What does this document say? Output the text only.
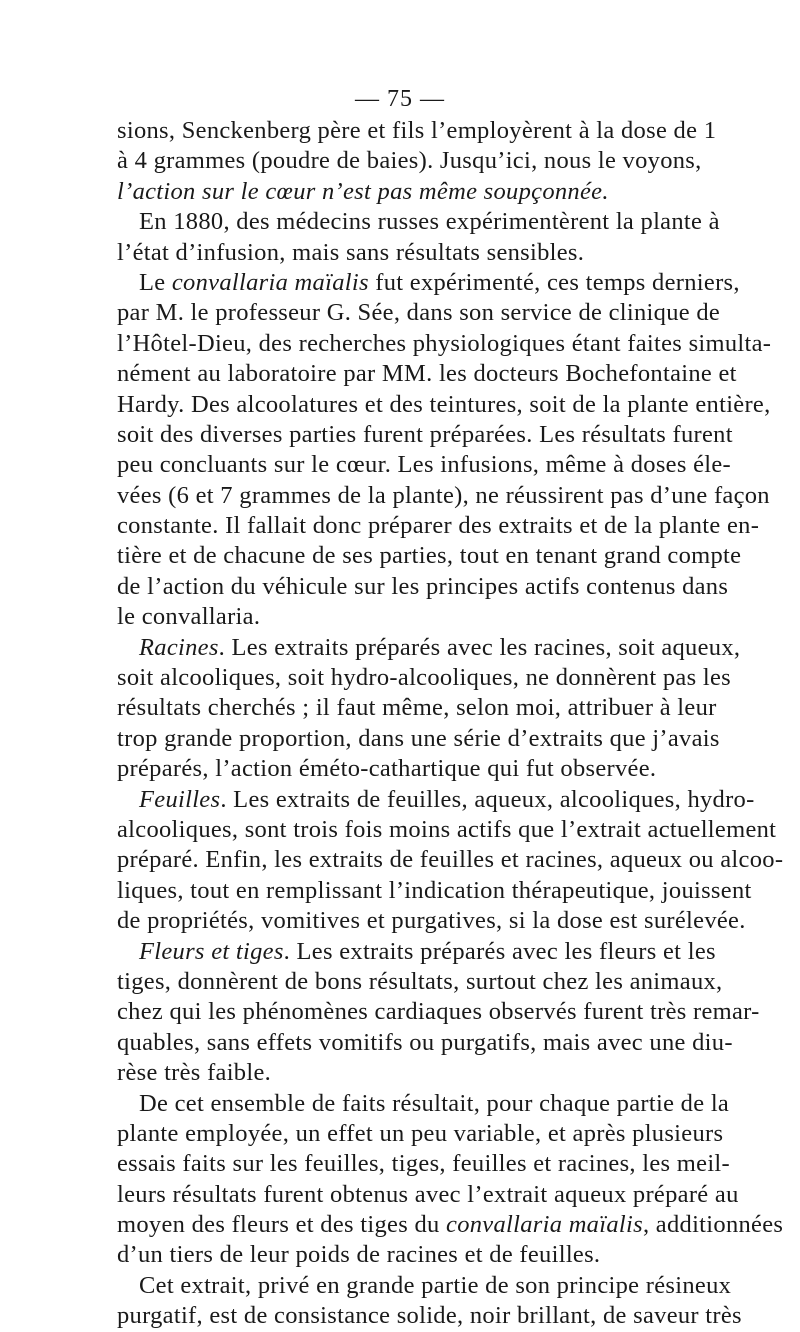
— 75 —
sions, Senckenberg père et fils l’employèrent à la dose de 1
à 4 grammes (poudre de baies). Jusqu’ici, nous le voyons,
l’action sur le cœur n’est pas même soupçonnée.
En 1880, des médecins russes expérimentèrent la plante à
l’état d’infusion, mais sans résultats sensibles.
Le convallaria maïalis fut expérimenté, ces temps derniers,
par M. le professeur G. Sée, dans son service de clinique de
l’Hôtel-Dieu, des recherches physiologiques étant faites simulta-
nément au laboratoire par MM. les docteurs Bochefontaine et
Hardy. Des alcoolatures et des teintures, soit de la plante entière,
soit des diverses parties furent préparées. Les résultats furent
peu concluants sur le cœur. Les infusions, même à doses éle-
vées (6 et 7 grammes de la plante), ne réussirent pas d’une façon
constante. Il fallait donc préparer des extraits et de la plante en-
tière et de chacune de ses parties, tout en tenant grand compte
de l’action du véhicule sur les principes actifs contenus dans
le convallaria.
Racines. Les extraits préparés avec les racines, soit aqueux,
soit alcooliques, soit hydro-alcooliques, ne donnèrent pas les
résultats cherchés ; il faut même, selon moi, attribuer à leur
trop grande proportion, dans une série d’extraits que j’avais
préparés, l’action éméto-cathartique qui fut observée.
Feuilles. Les extraits de feuilles, aqueux, alcooliques, hydro-
alcooliques, sont trois fois moins actifs que l’extrait actuellement
préparé. Enfin, les extraits de feuilles et racines, aqueux ou alcoo-
liques, tout en remplissant l’indication thérapeutique, jouissent
de propriétés, vomitives et purgatives, si la dose est surélevée.
Fleurs et tiges. Les extraits préparés avec les fleurs et les
tiges, donnèrent de bons résultats, surtout chez les animaux,
chez qui les phénomènes cardiaques observés furent très remar-
quables, sans effets vomitifs ou purgatifs, mais avec une diu-
rèse très faible.
De cet ensemble de faits résultait, pour chaque partie de la
plante employée, un effet un peu variable, et après plusieurs
essais faits sur les feuilles, tiges, feuilles et racines, les meil-
leurs résultats furent obtenus avec l’extrait aqueux préparé au
moyen des fleurs et des tiges du convallaria maïalis, additionnées
d’un tiers de leur poids de racines et de feuilles.
Cet extrait, privé en grande partie de son principe résineux
purgatif, est de consistance solide, noir brillant, de saveur très
